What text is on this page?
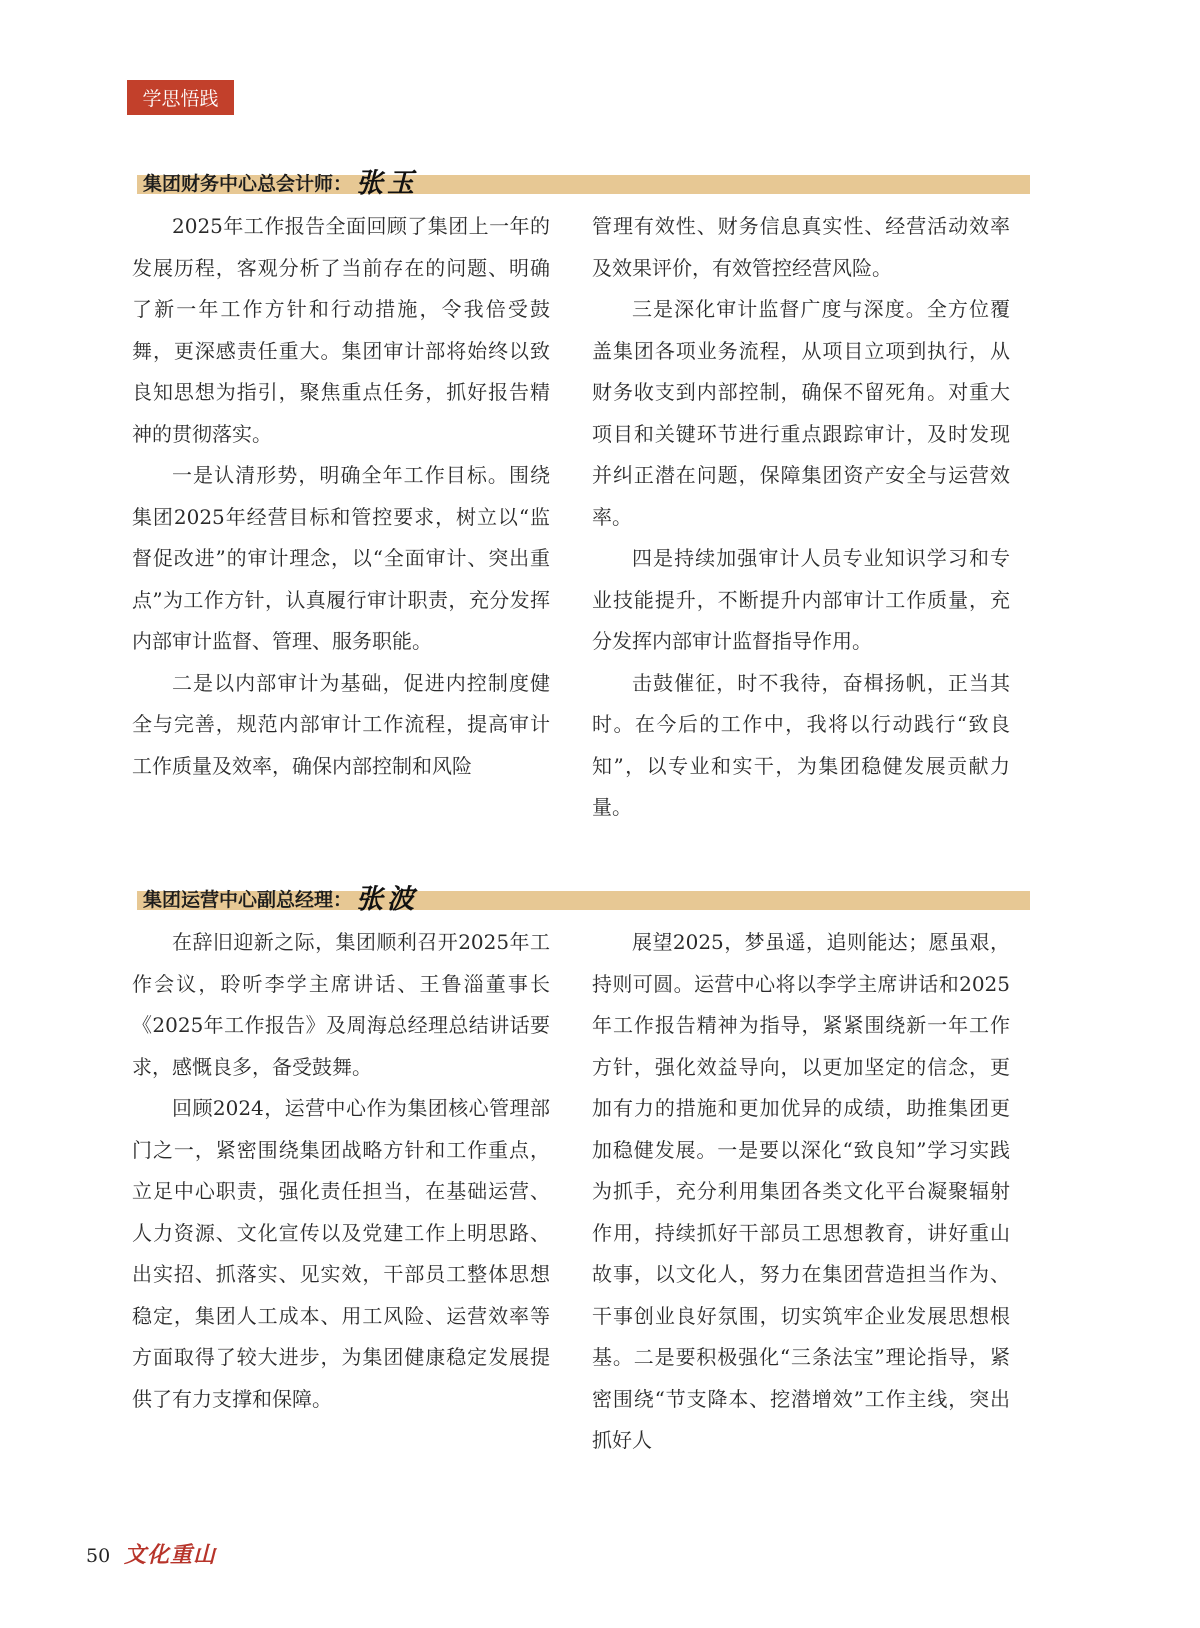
学思悟践
集团财务中心总会计师： 张玉

2025年工作报告全面回顾了集团上一年的发展历程，客观分析了当前存在的问题、明确了新一年工作方针和行动措施，令我倍受鼓舞，更深感责任重大。集团审计部将始终以致良知思想为指引，聚焦重点任务，抓好报告精神的贯彻落实。

一是认清形势，明确全年工作目标。围绕集团2025年经营目标和管控要求，树立以“监督促改进”的审计理念，以“全面审计、突出重点”为工作方针，认真履行审计职责，充分发挥内部审计监督、管理、服务职能。

二是以内部审计为基础，促进内控制度健全与完善，规范内部审计工作流程，提高审计工作质量及效率，确保内部控制和风险

管理有效性、财务信息真实性、经营活动效率及效果评价，有效管控经营风险。

三是深化审计监督广度与深度。全方位覆盖集团各项业务流程，从项目立项到执行，从财务收支到内部控制，确保不留死角。对重大项目和关键环节进行重点跟踪审计，及时发现并纠正潜在问题，保障集团资产安全与运营效率。

四是持续加强审计人员专业知识学习和专业技能提升，不断提升内部审计工作质量，充分发挥内部审计监督指导作用。

击鼓催征，时不我待，奋楫扬帆，正当其时。在今后的工作中，我将以行动践行“致良知”，以专业和实干，为集团稳健发展贡献力量。

集团运营中心副总经理： 张波

在辞旧迎新之际，集团顺利召开2025年工作会议，聆听李学主席讲话、王鲁淄董事长《2025年工作报告》及周海总经理总结讲话要求，感慨良多，备受鼓舞。

回顾2024，运营中心作为集团核心管理部门之一，紧密围绕集团战略方针和工作重点，立足中心职责，强化责任担当，在基础运营、人力资源、文化宣传以及党建工作上明思路、出实招、抓落实、见实效，干部员工整体思想稳定，集团人工成本、用工风险、运营效率等方面取得了较大进步，为集团健康稳定发展提供了有力支撑和保障。

展望2025，梦虽遥，追则能达；愿虽艰，持则可圆。运营中心将以李学主席讲话和2025年工作报告精神为指导，紧紧围绕新一年工作方针，强化效益导向，以更加坚定的信念，更加有力的措施和更加优异的成绩，助推集团更加稳健发展。一是要以深化“致良知”学习实践为抓手，充分利用集团各类文化平台凝聚辐射作用，持续抓好干部员工思想教育，讲好重山故事，以文化人，努力在集团营造担当作为、干事创业良好氛围，切实筑牢企业发展思想根基。二是要积极强化“三条法宝”理论指导，紧密围绕“节支降本、挖潜增效”工作主线，突出抓好人

50 文化重山
